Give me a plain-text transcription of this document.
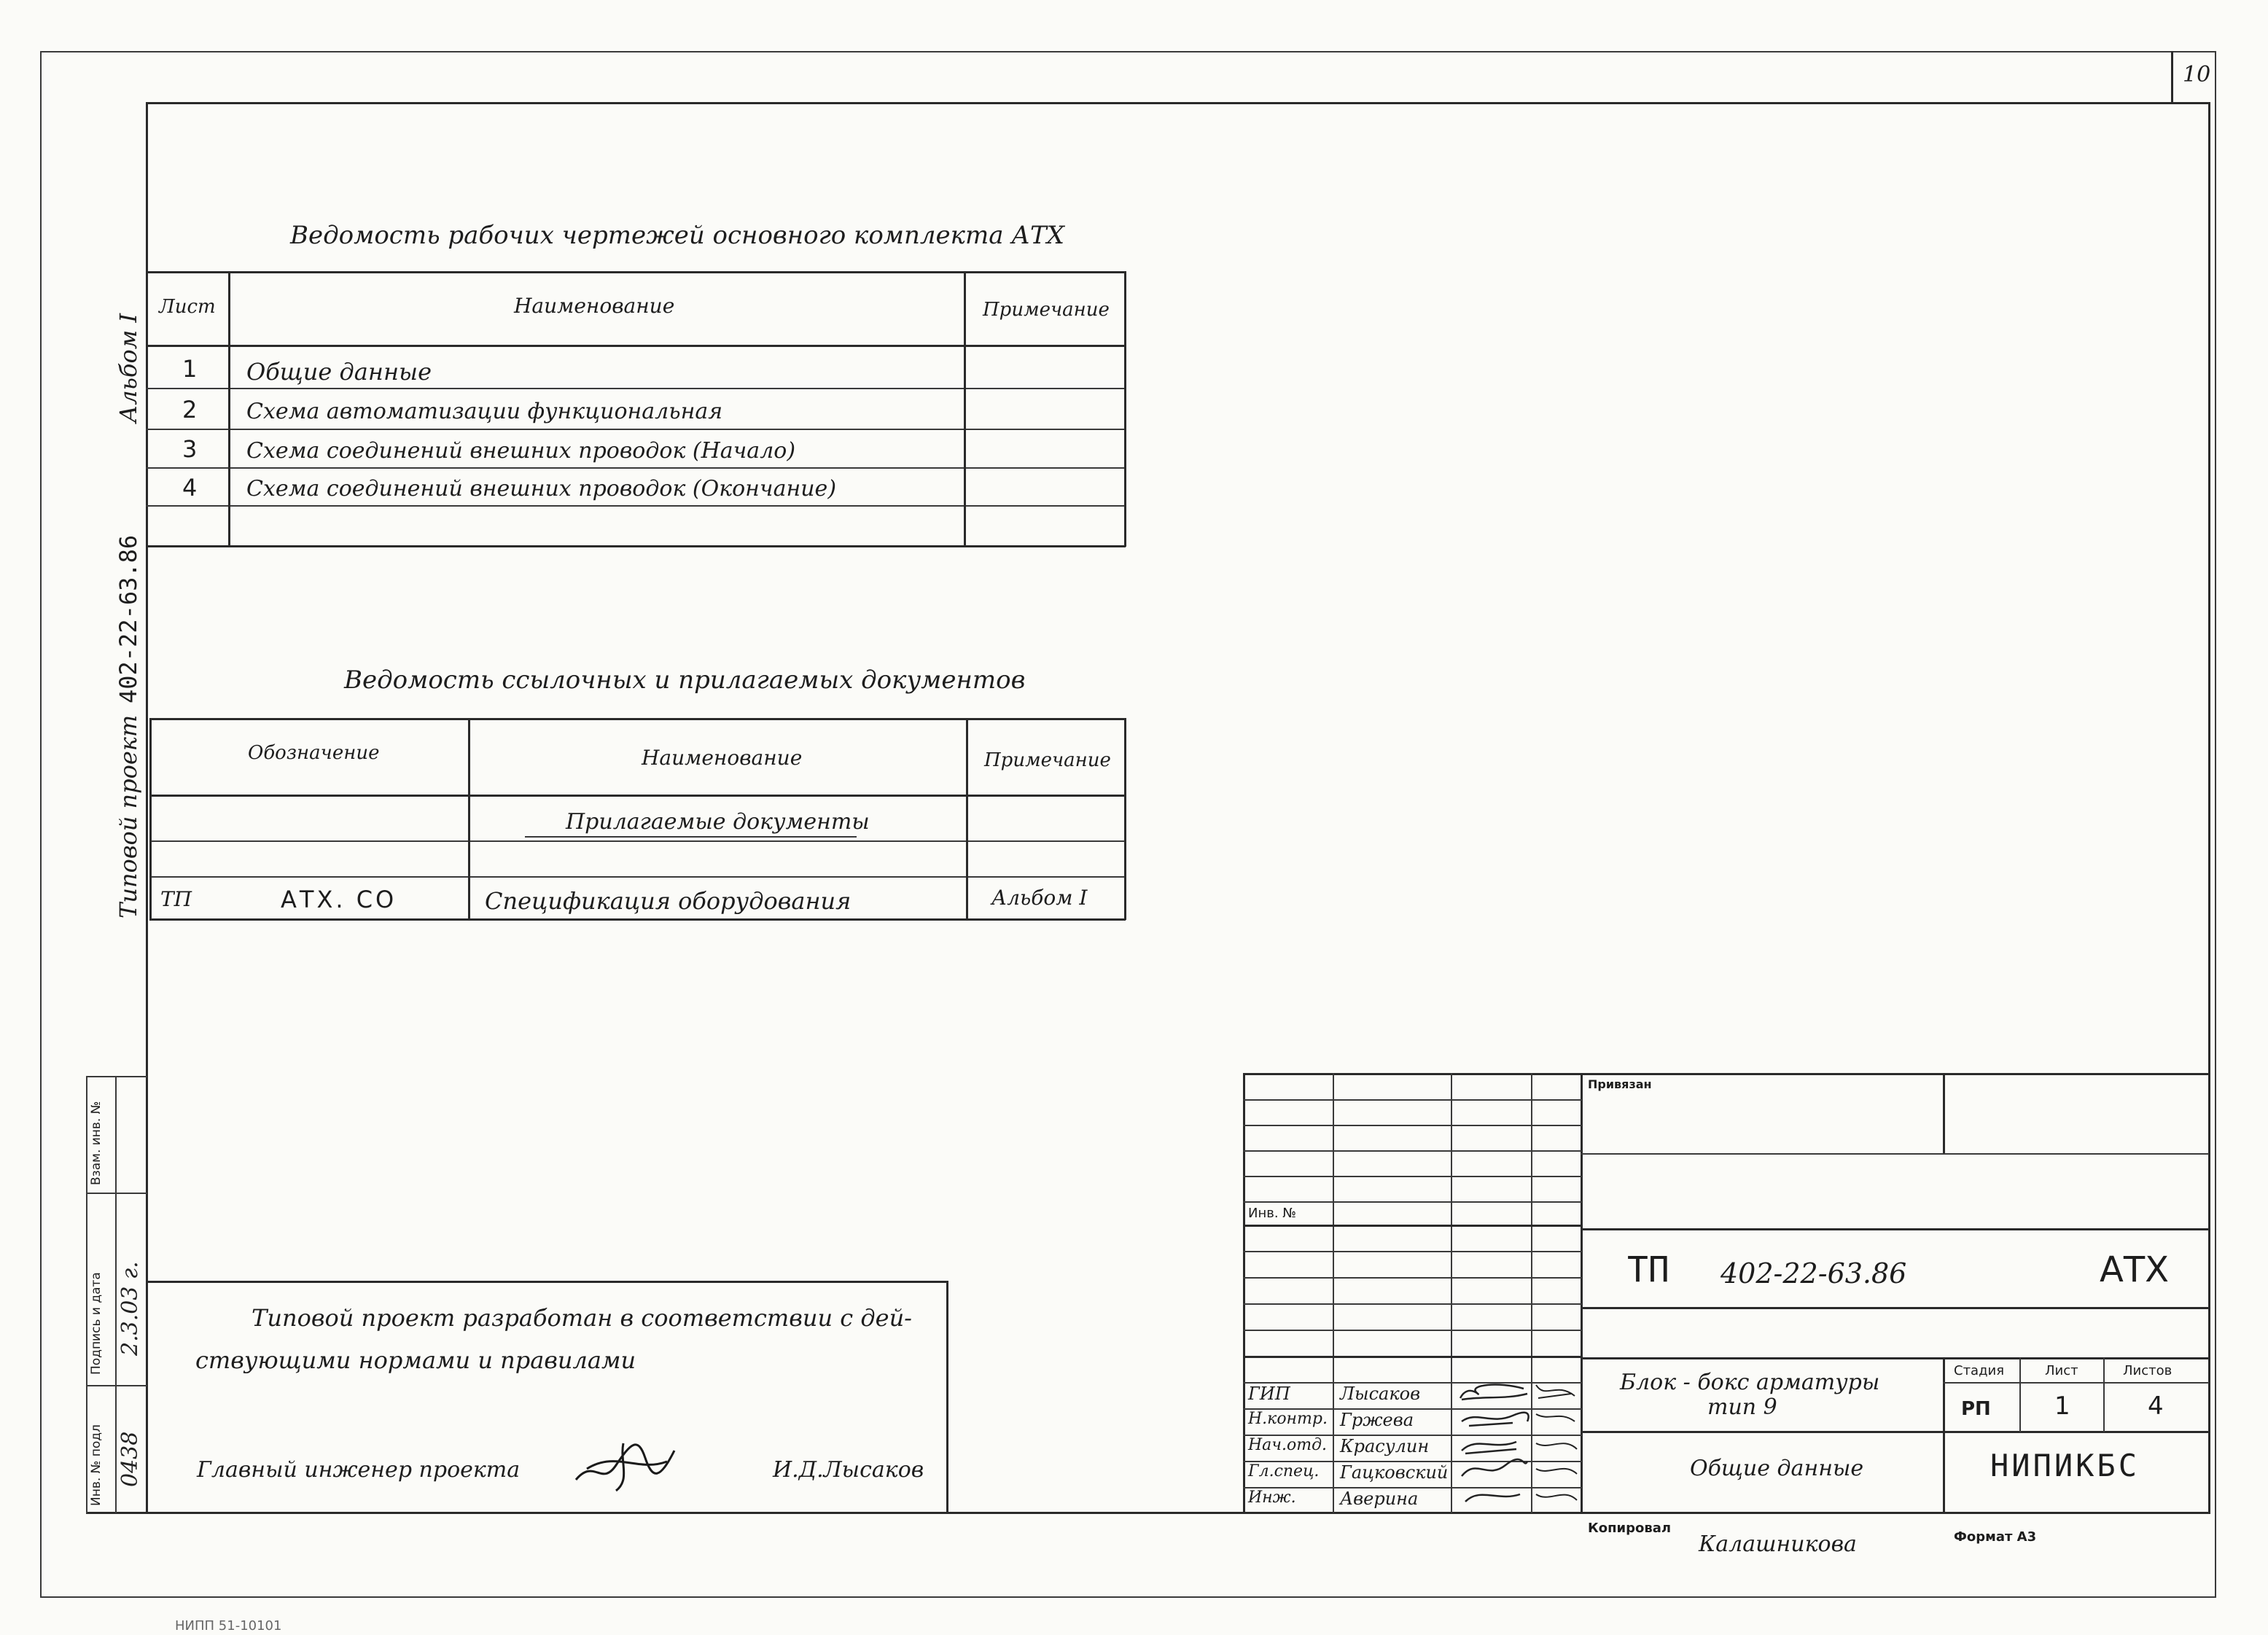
10
Альбом I
402-22-63.86
Типовой проект
Взам. инв. №
Подпись и дата
Инв. № подл
2.3.03 г.
0438
Ведомость рабочих чертежей основного комплекта АТХ
Лист	Наименование	Примечание
1 Общие данные
2 Схема автоматизации функциональная
3 Схема соединений внешних проводок (Начало)
4 Схема соединений внешних проводок (Окончание)
Ведомость ссылочных и прилагаемых документов
Обозначение	Наименование	Примечание
Прилагаемые документы
ТП	АТХ. СО	Спецификация оборудования	Альбом I
Типовой проект разработан в соответствии с дей-
ствующими нормами и правилами
Главный инженер проекта	И.Д.Лысаков
Инв. №
ГИП	Лысаков
Н.контр. Гржева
Нач.отд. Красулин
Гл.спец. Гацковский
Инж.	Аверина
Привязан
ТП 402-22-63.86	АТХ
Блок - бокс арматуры
тип 9
Стадия	Лист	Листов
РП	1	4
Общие данные	НИПИКБС
Копировал
Калашникова	Формат А3
НИПП 51-10101
